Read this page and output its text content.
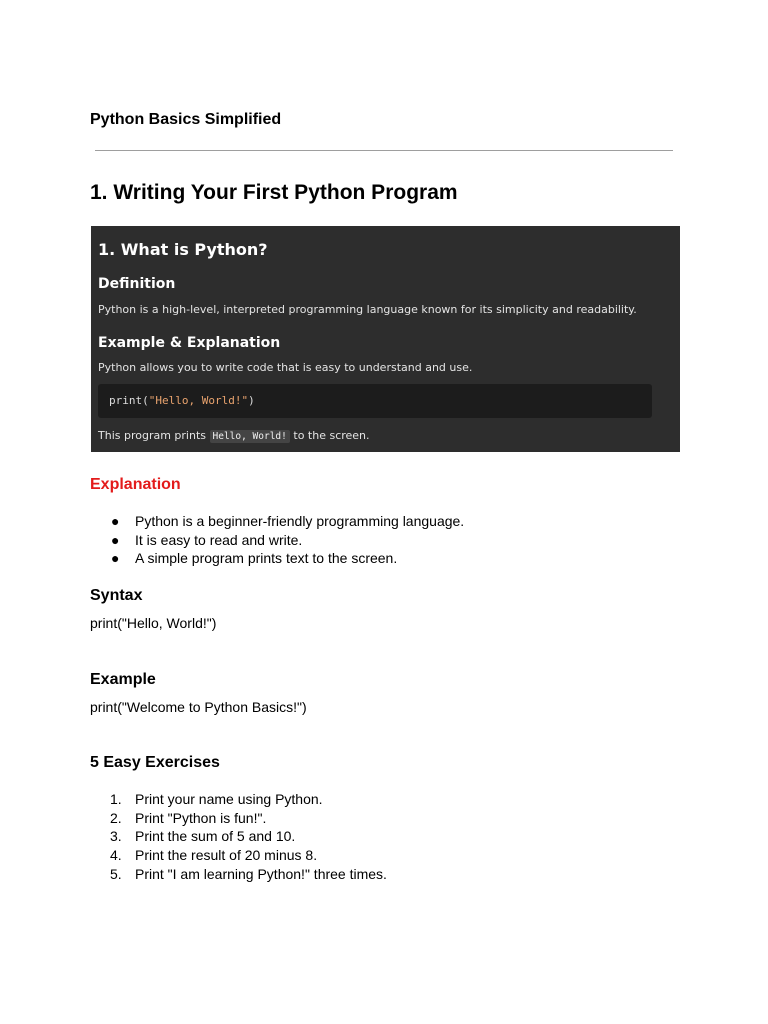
Python Basics Simplified
1. Writing Your First Python Program
1. What is Python?
Definition
Python is a high-level, interpreted programming language known for its simplicity and readability.
Example & Explanation
Python allows you to write code that is easy to understand and use.
print("Hello, World!")
This program prints Hello, World! to the screen.
Explanation
● Python is a beginner-friendly programming language.
● It is easy to read and write.
● A simple program prints text to the screen.
Syntax
print("Hello, World!")
Example
print("Welcome to Python Basics!")
5 Easy Exercises
1. Print your name using Python.
2. Print "Python is fun!".
3. Print the sum of 5 and 10.
4. Print the result of 20 minus 8.
5. Print "I am learning Python!" three times.
